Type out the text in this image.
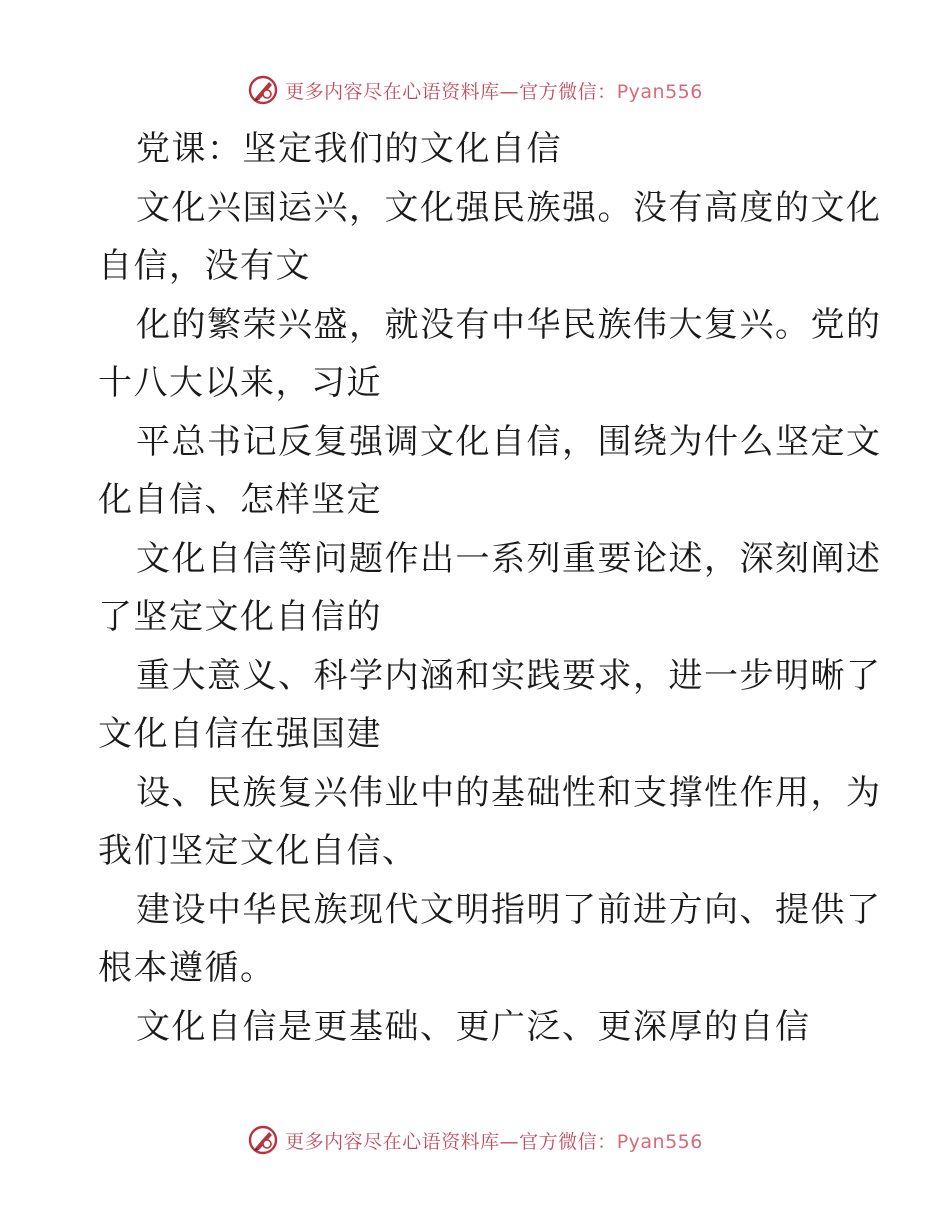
更多内容尽在心语资料库—官方微信：Pyan556

党课：坚定我们的文化自信

文化兴国运兴，文化强民族强。没有高度的文化

自信，没有文

化的繁荣兴盛，就没有中华民族伟大复兴。党的

十八大以来，习近

平总书记反复强调文化自信，围绕为什么坚定文

化自信、怎样坚定

文化自信等问题作出一系列重要论述，深刻阐述

了坚定文化自信的

重大意义、科学内涵和实践要求，进一步明晰了

文化自信在强国建

设、民族复兴伟业中的基础性和支撑性作用，为

我们坚定文化自信、

建设中华民族现代文明指明了前进方向、提供了

根本遵循。

文化自信是更基础、更广泛、更深厚的自信

更多内容尽在心语资料库—官方微信：Pyan556
